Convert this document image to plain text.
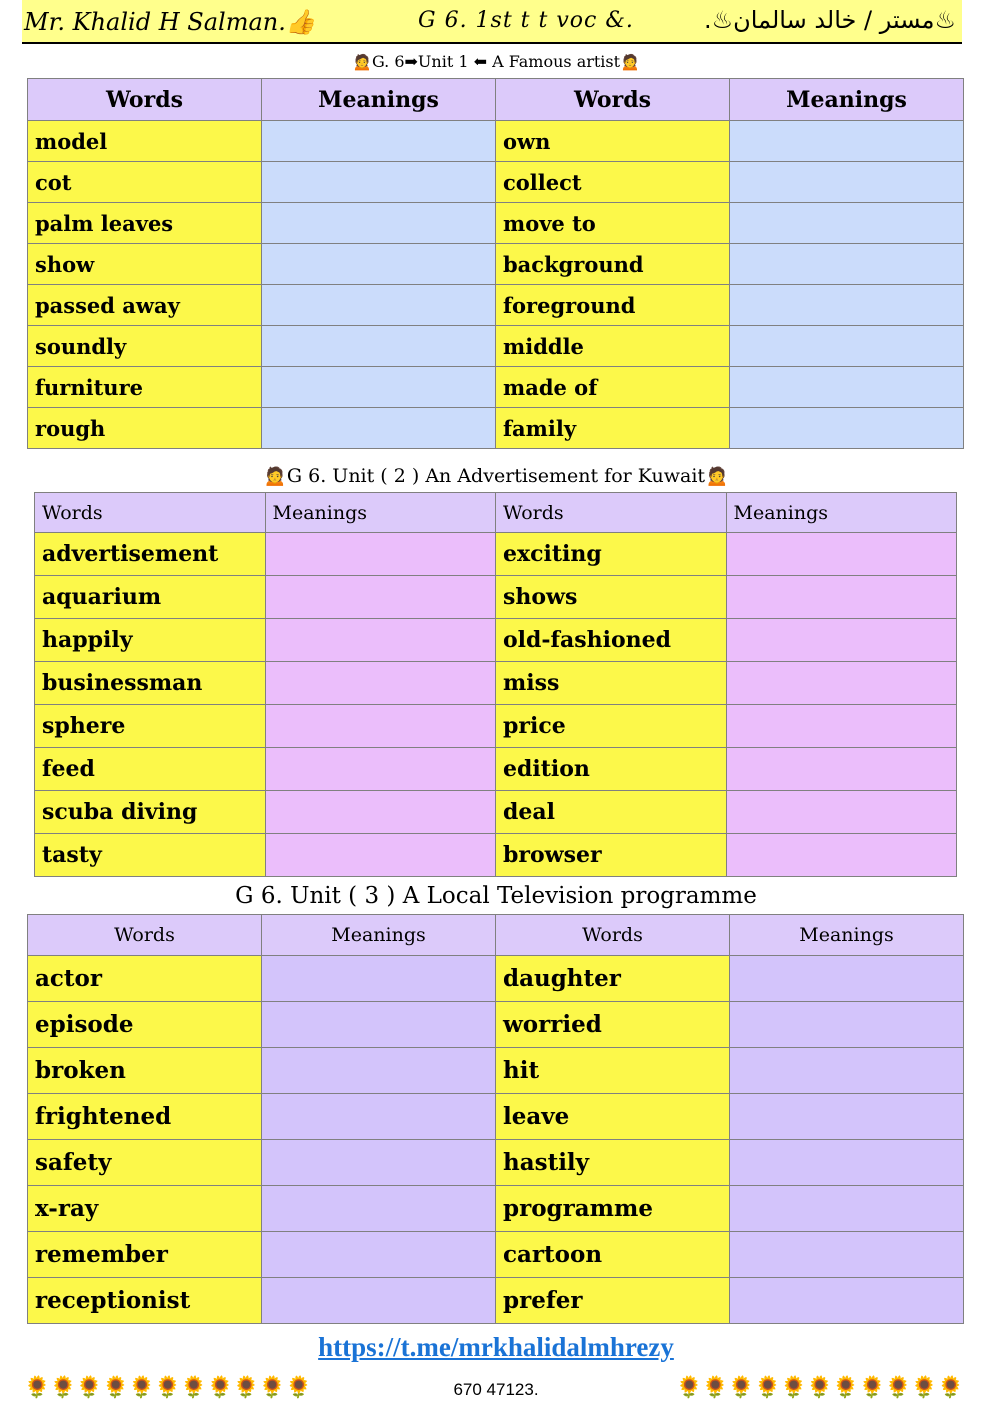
Mr. Khalid H Salman.👍	G 6. 1st t t voc &.	♨مستر / خالد سالمان♨.
🙍G. 6➡Unit 1 ⬅ A Famous artist🙍
Words	Meanings	Words	Meanings
model		own	
cot		collect	
palm leaves		move to	
show		background	
passed away		foreground	
soundly		middle	
furniture		made of	
rough		family	
🙍G 6. Unit ( 2 ) An Advertisement for Kuwait🙍
Words	Meanings	Words	Meanings
advertisement		exciting	
aquarium		shows	
happily		old-fashioned	
businessman		miss	
sphere		price	
feed		edition	
scuba diving		deal	
tasty		browser	
G 6. Unit ( 3 ) A Local Television programme
Words	Meanings	Words	Meanings
actor		daughter	
episode		worried	
broken		hit	
frightened		leave	
safety		hastily	
x-ray		programme	
remember		cartoon	
receptionist		prefer	
https://t.me/mrkhalidalmhrezy
🌻🌻🌻🌻🌻🌻🌻🌻🌻🌻🌻	670 47123.	🌻🌻🌻🌻🌻🌻🌻🌻🌻🌻🌻
